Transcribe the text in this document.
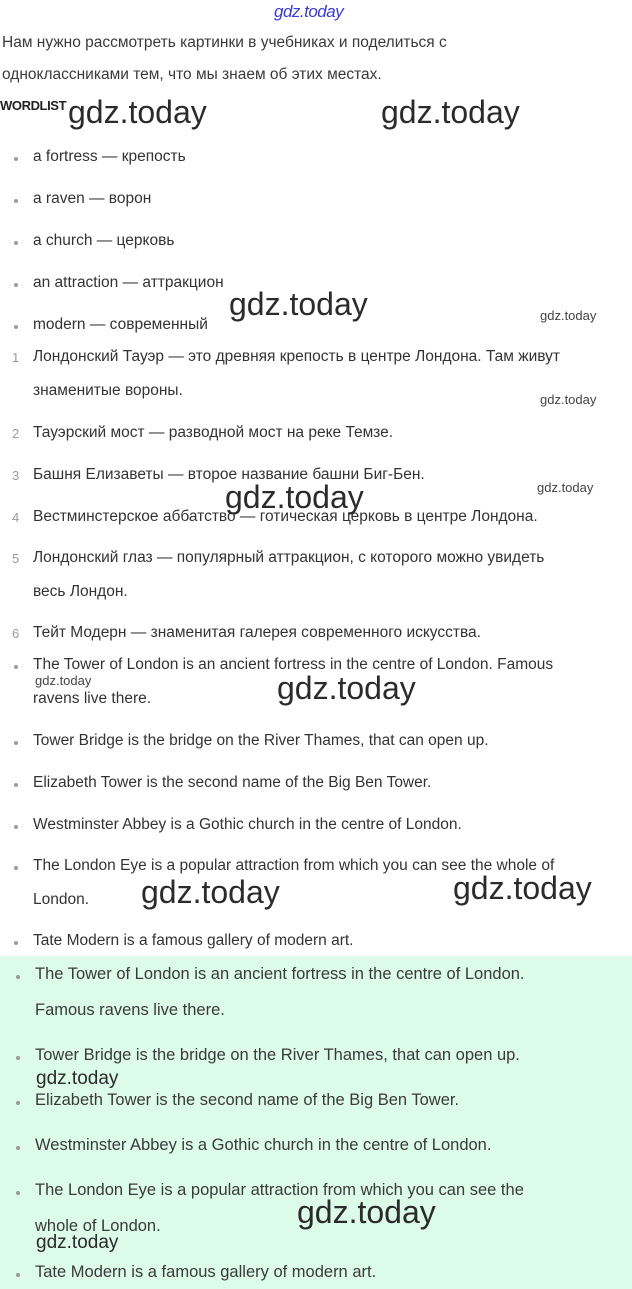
gdz.today
Нам нужно рассмотреть картинки в учебниках и поделиться с
одноклассниками тем, что мы знаем об этих местах.
WORDLIST
a fortress — крепость
a raven — ворон
a church — церковь
an attraction — аттракцион
modern — современный
1 Лондонский Тауэр — это древняя крепость в центре Лондона. Там живут
знаменитые вороны.
2 Тауэрский мост — разводной мост на реке Темзе.
3 Башня Елизаветы — второе название башни Биг-Бен.
4 Вестминстерское аббатство — готическая церковь в центре Лондона.
5 Лондонский глаз — популярный аттракцион, с которого можно увидеть
весь Лондон.
6 Тейт Модерн — знаменитая галерея современного искусства.
The Tower of London is an ancient fortress in the centre of London. Famous
ravens live there.
Tower Bridge is the bridge on the River Thames, that can open up.
Elizabeth Tower is the second name of the Big Ben Tower.
Westminster Abbey is a Gothic church in the centre of London.
The London Eye is a popular attraction from which you can see the whole of
London.
Tate Modern is a famous gallery of modern art.
The Tower of London is an ancient fortress in the centre of London.
Famous ravens live there.
Tower Bridge is the bridge on the River Thames, that can open up.
Elizabeth Tower is the second name of the Big Ben Tower.
Westminster Abbey is a Gothic church in the centre of London.
The London Eye is a popular attraction from which you can see the
whole of London.
Tate Modern is a famous gallery of modern art.
gdz.today	gdz.today
gdz.today	gdz.today
gdz.today
gdz.today
gdz.today
gdz.today	gdz.today
gdz.today	gdz.today
gdz.today
gdz.today
gdz.today
